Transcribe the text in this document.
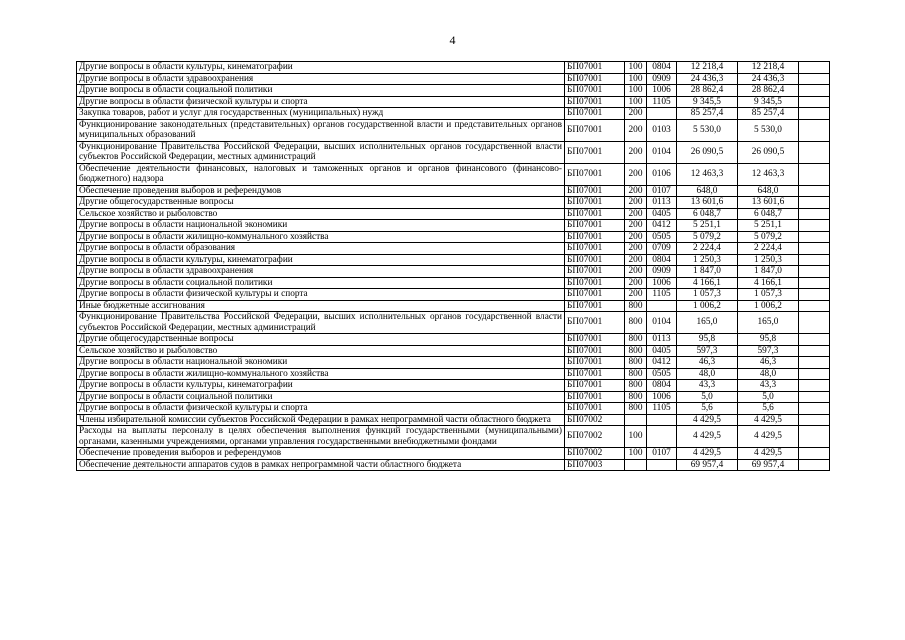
4
Другие вопросы в области культуры, кинематографии	БП07001	100	0804	12 218,4	12 218,4	
Другие вопросы в области здравоохранения	БП07001	100	0909	24 436,3	24 436,3	
Другие вопросы в области социальной политики	БП07001	100	1006	28 862,4	28 862,4	
Другие вопросы в области физической культуры и спорта	БП07001	100	1105	9 345,5	9 345,5	
Закупка товаров, работ и услуг для государственных (муниципальных) нужд	БП07001	200		85 257,4	85 257,4	
Функционирование законодательных (представительных) органов государственной власти и представительных органов муниципальных образований	БП07001	200	0103	5 530,0	5 530,0	
Функционирование Правительства Российской Федерации, высших исполнительных органов государственной власти субъектов Российской Федерации, местных администраций	БП07001	200	0104	26 090,5	26 090,5	
Обеспечение деятельности финансовых, налоговых и таможенных органов и органов финансового (финансово-бюджетного) надзора	БП07001	200	0106	12 463,3	12 463,3	
Обеспечение проведения выборов и референдумов	БП07001	200	0107	648,0	648,0	
Другие общегосударственные вопросы	БП07001	200	0113	13 601,6	13 601,6	
Сельское хозяйство и рыболовство	БП07001	200	0405	6 048,7	6 048,7	
Другие вопросы в области национальной экономики	БП07001	200	0412	5 251,1	5 251,1	
Другие вопросы в области жилищно-коммунального хозяйства	БП07001	200	0505	5 079,2	5 079,2	
Другие вопросы в области образования	БП07001	200	0709	2 224,4	2 224,4	
Другие вопросы в области культуры, кинематографии	БП07001	200	0804	1 250,3	1 250,3	
Другие вопросы в области здравоохранения	БП07001	200	0909	1 847,0	1 847,0	
Другие вопросы в области социальной политики	БП07001	200	1006	4 166,1	4 166,1	
Другие вопросы в области физической культуры и спорта	БП07001	200	1105	1 057,3	1 057,3	
Иные бюджетные ассигнования	БП07001	800		1 006,2	1 006,2	
Функционирование Правительства Российской Федерации, высших исполнительных органов государственной власти субъектов Российской Федерации, местных администраций	БП07001	800	0104	165,0	165,0	
Другие общегосударственные вопросы	БП07001	800	0113	95,8	95,8	
Сельское хозяйство и рыболовство	БП07001	800	0405	597,3	597,3	
Другие вопросы в области национальной экономики	БП07001	800	0412	46,3	46,3	
Другие вопросы в области жилищно-коммунального хозяйства	БП07001	800	0505	48,0	48,0	
Другие вопросы в области культуры, кинематографии	БП07001	800	0804	43,3	43,3	
Другие вопросы в области социальной политики	БП07001	800	1006	5,0	5,0	
Другие вопросы в области физической культуры и спорта	БП07001	800	1105	5,6	5,6	
Члены избирательной комиссии субъектов Российской Федерации в рамках непрограммной части областного бюджета	БП07002			4 429,5	4 429,5	
Расходы на выплаты персоналу в целях обеспечения выполнения функций государственными (муниципальными) органами, казенными учреждениями, органами управления государственными внебюджетными фондами	БП07002	100		4 429,5	4 429,5	
Обеспечение проведения выборов и референдумов	БП07002	100	0107	4 429,5	4 429,5	
Обеспечение деятельности аппаратов судов в рамках непрограммной части областного бюджета	БП07003			69 957,4	69 957,4	
